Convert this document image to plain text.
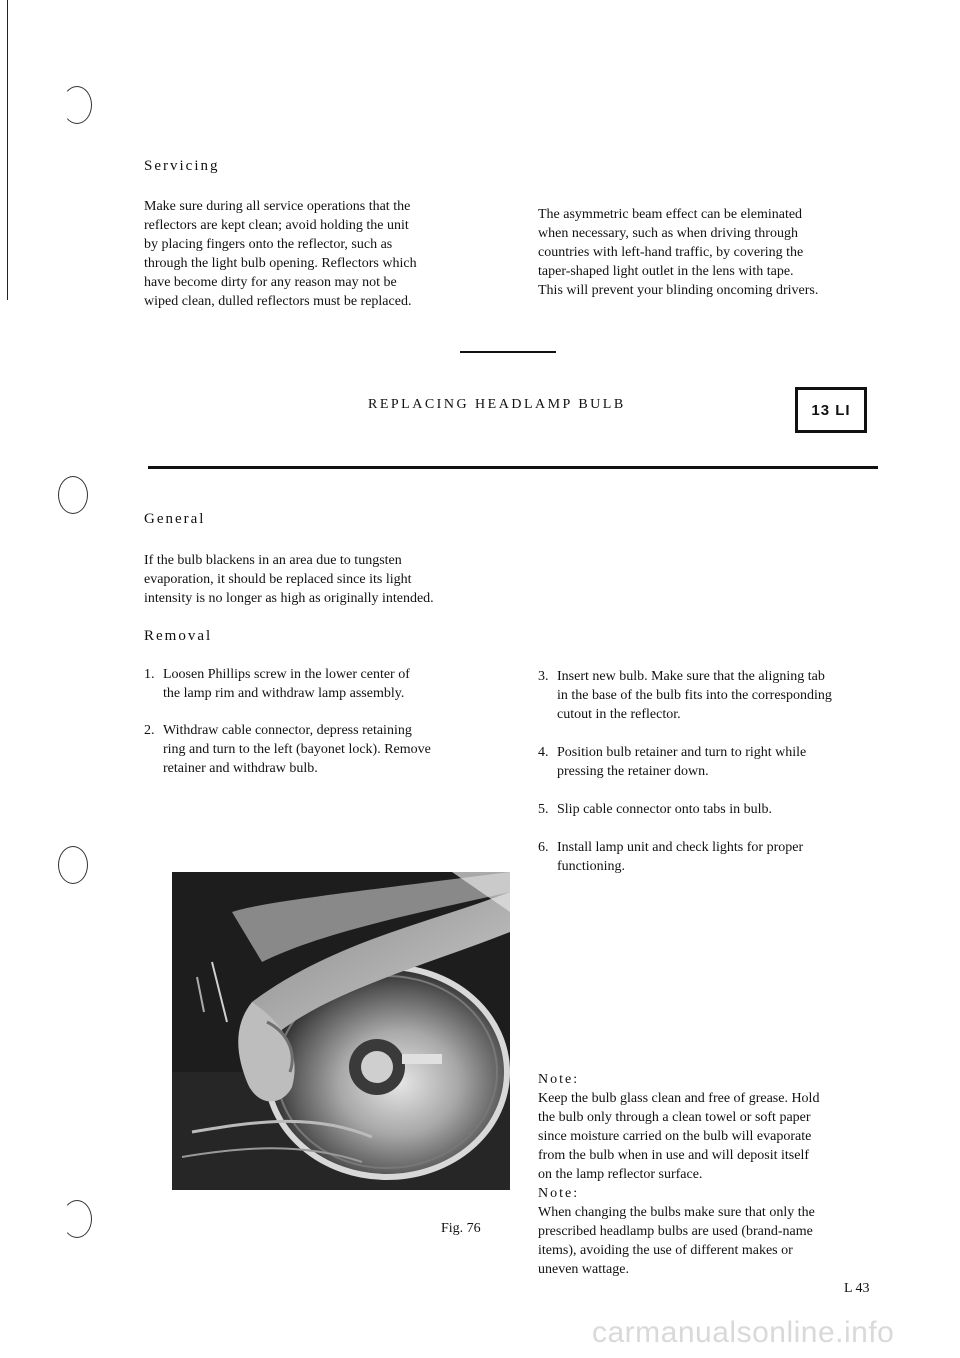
Servicing

Make sure during all service operations that the

reflectors are kept clean; avoid holding the unit

by placing fingers onto the reflector, such as

through the light bulb opening. Reflectors which

have become dirty for any reason may not be

wiped clean, dulled reflectors must be replaced.

The asymmetric beam effect can be eleminated

when necessary, such as when driving through

countries with left-hand traffic, by covering the

taper-shaped light outlet in the lens with tape.

This will prevent your blinding oncoming drivers.

REPLACING HEADLAMP BULB	13 LI
General

If the bulb blackens in an area due to tungsten

evaporation, it should be replaced since its light

intensity is no longer as high as originally intended.

Removal
1. Loosen Phillips screw in the lower center of
the lamp rim and withdraw lamp assembly.
2. Withdraw cable connector, depress retaining
ring and turn to the left (bayonet lock). Remove
retainer and withdraw bulb.
3. Insert new bulb. Make sure that the aligning tab
in the base of the bulb fits into the corresponding
cutout in the reflector.
4. Position bulb retainer and turn to right while
pressing the retainer down.
5. Slip cable connector onto tabs in bulb.
6. Install lamp unit and check lights for proper
functioning.
Fig. 76

Note:

Keep the bulb glass clean and free of grease. Hold

the bulb only through a clean towel or soft paper

since moisture carried on the bulb will evaporate

from the bulb when in use and will deposit itself

on the lamp reflector surface.

Note:

When changing the bulbs make sure that only the

prescribed headlamp bulbs are used (brand-name

items), avoiding the use of different makes or

uneven wattage.

L 43
carmanualsonline.info
